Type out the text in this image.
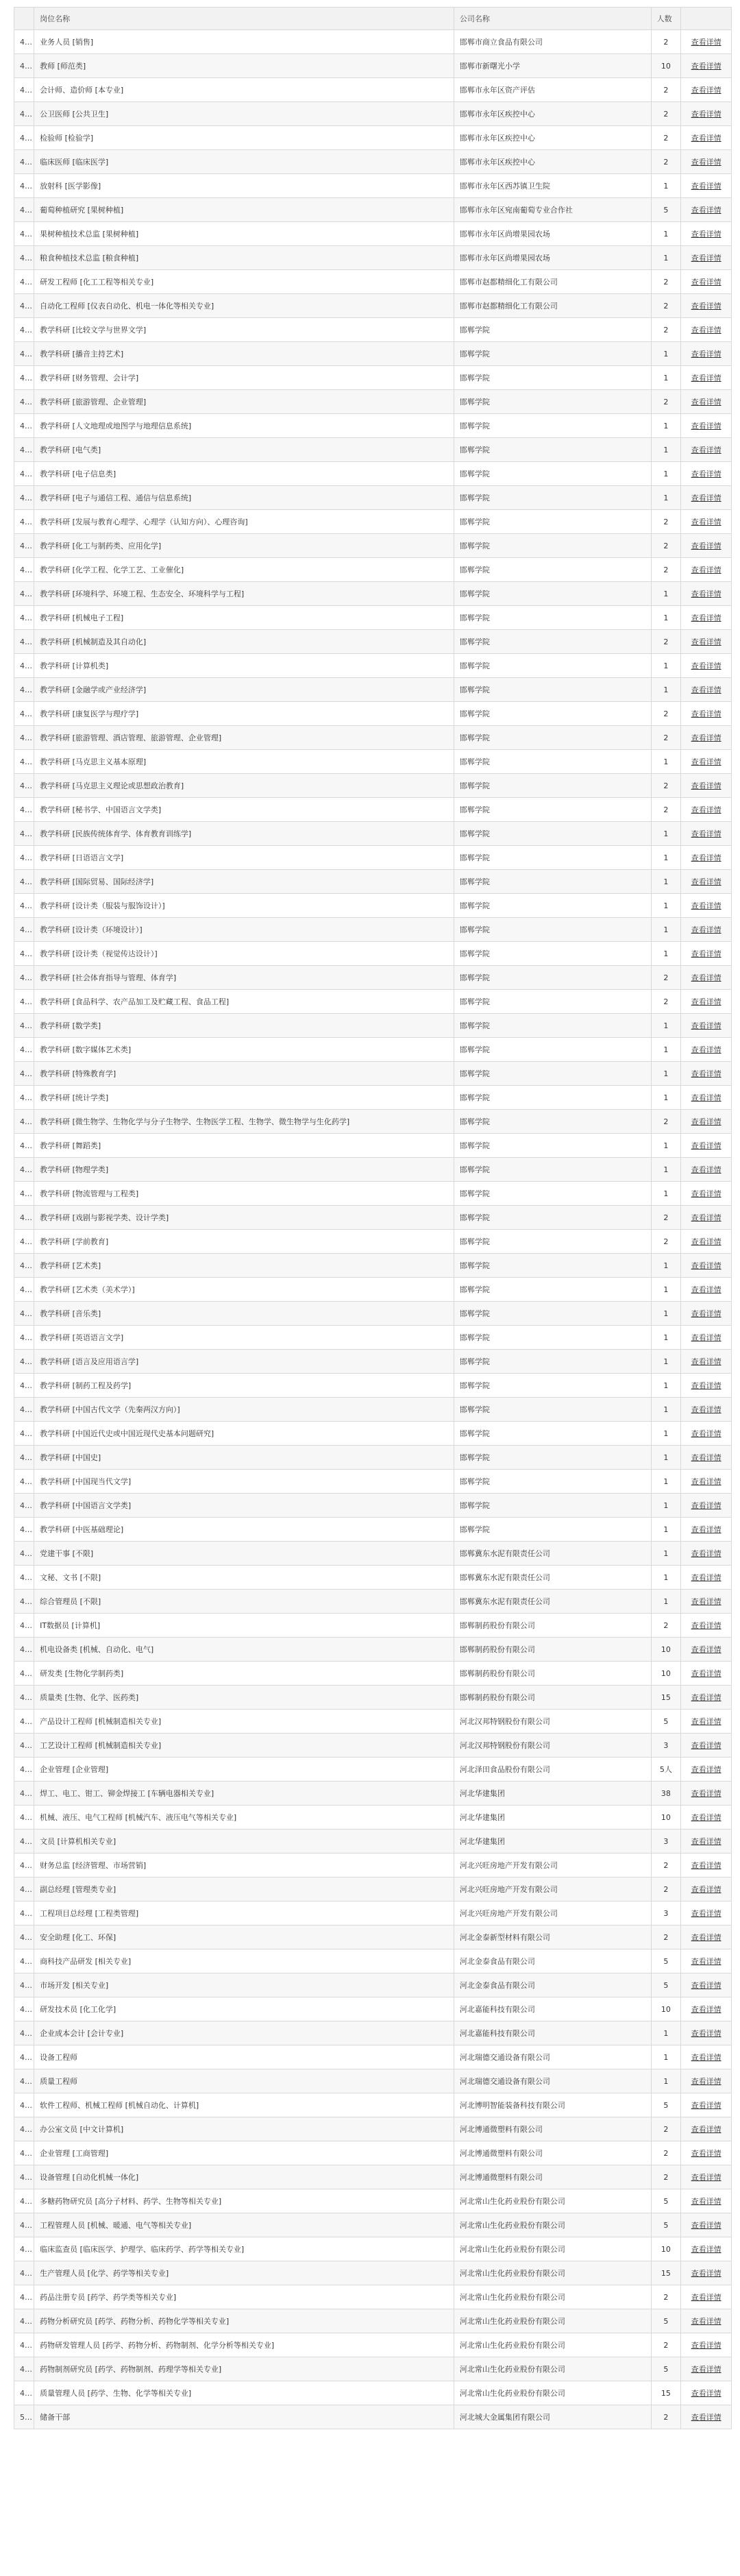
	岗位名称	公司名称	人数	
401	业务人员 [销售]	邯郸市商立食品有限公司	2	查看详情
402	教师 [师范类]	邯郸市新曙光小学	10	查看详情
403	会计师、造价师 [本专业]	邯郸市永年区资产评估	2	查看详情
404	公卫医师 [公共卫生]	邯郸市永年区疾控中心	2	查看详情
405	检验师 [检验学]	邯郸市永年区疾控中心	2	查看详情
406	临床医师 [临床医学]	邯郸市永年区疾控中心	2	查看详情
407	放射科 [医学影像]	邯郸市永年区西苏镇卫生院	1	查看详情
408	葡萄种植研究 [果树种植]	邯郸市永年区宛南葡萄专业合作社	5	查看详情
409	果树种植技术总监 [果树种植]	邯郸市永年区尚增果园农场	1	查看详情
410	粮食种植技术总监 [粮食种植]	邯郸市永年区尚增果园农场	1	查看详情
411	研发工程师 [化工工程等相关专业]	邯郸市赵都精细化工有限公司	2	查看详情
412	自动化工程师 [仪表自动化、机电一体化等相关专业]	邯郸市赵都精细化工有限公司	2	查看详情
413	教学科研 [比较文学与世界文学]	邯郸学院	2	查看详情
414	教学科研 [播音主持艺术]	邯郸学院	1	查看详情
415	教学科研 [财务管理、会计学]	邯郸学院	1	查看详情
416	教学科研 [旅游管理、企业管理]	邯郸学院	2	查看详情
417	教学科研 [人文地理或地图学与地理信息系统]	邯郸学院	1	查看详情
418	教学科研 [电气类]	邯郸学院	1	查看详情
419	教学科研 [电子信息类]	邯郸学院	1	查看详情
420	教学科研 [电子与通信工程、通信与信息系统]	邯郸学院	1	查看详情
421	教学科研 [发展与教育心理学、心理学（认知方向）、心理咨询]	邯郸学院	2	查看详情
422	教学科研 [化工与制药类、应用化学]	邯郸学院	2	查看详情
423	教学科研 [化学工程、化学工艺、工业催化]	邯郸学院	2	查看详情
424	教学科研 [环境科学、环境工程、生态安全、环境科学与工程]	邯郸学院	1	查看详情
425	教学科研 [机械电子工程]	邯郸学院	1	查看详情
426	教学科研 [机械制造及其自动化]	邯郸学院	2	查看详情
427	教学科研 [计算机类]	邯郸学院	1	查看详情
428	教学科研 [金融学或产业经济学]	邯郸学院	1	查看详情
429	教学科研 [康复医学与理疗学]	邯郸学院	2	查看详情
430	教学科研 [旅游管理、酒店管理、旅游管理、企业管理]	邯郸学院	2	查看详情
431	教学科研 [马克思主义基本原理]	邯郸学院	1	查看详情
432	教学科研 [马克思主义理论或思想政治教育]	邯郸学院	2	查看详情
433	教学科研 [秘书学、中国语言文学类]	邯郸学院	2	查看详情
434	教学科研 [民族传统体育学、体育教育训练学]	邯郸学院	1	查看详情
435	教学科研 [日语语言文学]	邯郸学院	1	查看详情
436	教学科研 [国际贸易、国际经济学]	邯郸学院	1	查看详情
437	教学科研 [设计类（服装与服饰设计）]	邯郸学院	1	查看详情
438	教学科研 [设计类（环境设计）]	邯郸学院	1	查看详情
439	教学科研 [设计类（视觉传达设计）]	邯郸学院	1	查看详情
440	教学科研 [社会体育指导与管理、体育学]	邯郸学院	2	查看详情
441	教学科研 [食品科学、农产品加工及贮藏工程、食品工程]	邯郸学院	2	查看详情
442	教学科研 [数学类]	邯郸学院	1	查看详情
443	教学科研 [数字媒体艺术类]	邯郸学院	1	查看详情
444	教学科研 [特殊教育学]	邯郸学院	1	查看详情
445	教学科研 [统计学类]	邯郸学院	1	查看详情
446	教学科研 [微生物学、生物化学与分子生物学、生物医学工程、生物学、微生物学与生化药学]	邯郸学院	2	查看详情
447	教学科研 [舞蹈类]	邯郸学院	1	查看详情
448	教学科研 [物理学类]	邯郸学院	1	查看详情
449	教学科研 [物流管理与工程类]	邯郸学院	1	查看详情
450	教学科研 [戏剧与影视学类、设计学类]	邯郸学院	2	查看详情
451	教学科研 [学前教育]	邯郸学院	2	查看详情
452	教学科研 [艺术类]	邯郸学院	1	查看详情
453	教学科研 [艺术类（美术学）]	邯郸学院	1	查看详情
454	教学科研 [音乐类]	邯郸学院	1	查看详情
455	教学科研 [英语语言文学]	邯郸学院	1	查看详情
456	教学科研 [语言及应用语言学]	邯郸学院	1	查看详情
457	教学科研 [制药工程及药学]	邯郸学院	1	查看详情
458	教学科研 [中国古代文学（先秦两汉方向）]	邯郸学院	1	查看详情
459	教学科研 [中国近代史或中国近现代史基本问题研究]	邯郸学院	1	查看详情
460	教学科研 [中国史]	邯郸学院	1	查看详情
461	教学科研 [中国现当代文学]	邯郸学院	1	查看详情
462	教学科研 [中国语言文学类]	邯郸学院	1	查看详情
463	教学科研 [中医基础理论]	邯郸学院	1	查看详情
464	党建干事 [不限]	邯郸冀东水泥有限责任公司	1	查看详情
465	文秘、文书 [不限]	邯郸冀东水泥有限责任公司	1	查看详情
466	综合管理员 [不限]	邯郸冀东水泥有限责任公司	1	查看详情
467	IT数据员 [计算机]	邯郸制药股份有限公司	2	查看详情
468	机电设备类 [机械、自动化、电气]	邯郸制药股份有限公司	10	查看详情
469	研发类 [生物化学制药类]	邯郸制药股份有限公司	10	查看详情
470	质量类 [生物、化学、医药类]	邯郸制药股份有限公司	15	查看详情
471	产品设计工程师 [机械制造相关专业]	河北汉邦特钢股份有限公司	5	查看详情
472	工艺设计工程师 [机械制造相关专业]	河北汉邦特钢股份有限公司	3	查看详情
473	企业管理 [企业管理]	河北泽田食品股份有限公司	5人	查看详情
474	焊工、电工、钳工、铆金焊接工 [车辆电器相关专业]	河北华建集团	38	查看详情
475	机械、液压、电气工程师 [机械汽车、液压电气等相关专业]	河北华建集团	10	查看详情
476	文员 [计算机相关专业]	河北华建集团	3	查看详情
477	财务总监 [经济管理、市场营销]	河北兴旺房地产开发有限公司	2	查看详情
478	副总经理 [管理类专业]	河北兴旺房地产开发有限公司	2	查看详情
479	工程项目总经理 [工程类管理]	河北兴旺房地产开发有限公司	3	查看详情
480	安全助理 [化工、环保]	河北金泰新型材料有限公司	2	查看详情
481	商科技产品研发 [相关专业]	河北金泰食品有限公司	5	查看详情
482	市场开发 [相关专业]	河北金泰食品有限公司	5	查看详情
483	研发技术员 [化工化学]	河北嘉能科技有限公司	10	查看详情
484	企业成本会计 [会计专业]	河北嘉能科技有限公司	1	查看详情
485	设备工程师	河北瑞德交通设备有限公司	1	查看详情
486	质量工程师	河北瑞德交通设备有限公司	1	查看详情
487	软件工程师、机械工程师 [机械自动化、计算机]	河北博明智能装备科技有限公司	5	查看详情
488	办公室文员 [中文计算机]	河北博通微塑料有限公司	2	查看详情
489	企业管理 [工商管理]	河北博通微塑料有限公司	2	查看详情
490	设备管理 [自动化机械一体化]	河北博通微塑料有限公司	2	查看详情
491	多糖药物研究员 [高分子材料、药学、生物等相关专业]	河北常山生化药业股份有限公司	5	查看详情
492	工程管理人员 [机械、暖通、电气等相关专业]	河北常山生化药业股份有限公司	5	查看详情
493	临床监查员 [临床医学、护理学、临床药学、药学等相关专业]	河北常山生化药业股份有限公司	10	查看详情
494	生产管理人员 [化学、药学等相关专业]	河北常山生化药业股份有限公司	15	查看详情
495	药品注册专员 [药学、药学类等相关专业]	河北常山生化药业股份有限公司	2	查看详情
496	药物分析研究员 [药学、药物分析、药物化学等相关专业]	河北常山生化药业股份有限公司	5	查看详情
497	药物研发管理人员 [药学、药物分析、药物制剂、化学分析等相关专业]	河北常山生化药业股份有限公司	2	查看详情
498	药物制剂研究员 [药学、药物制剂、药理学等相关专业]	河北常山生化药业股份有限公司	5	查看详情
499	质量管理人员 [药学、生物、化学等相关专业]	河北常山生化药业股份有限公司	15	查看详情
500	储备干部	河北城大金属集团有限公司	2	查看详情
